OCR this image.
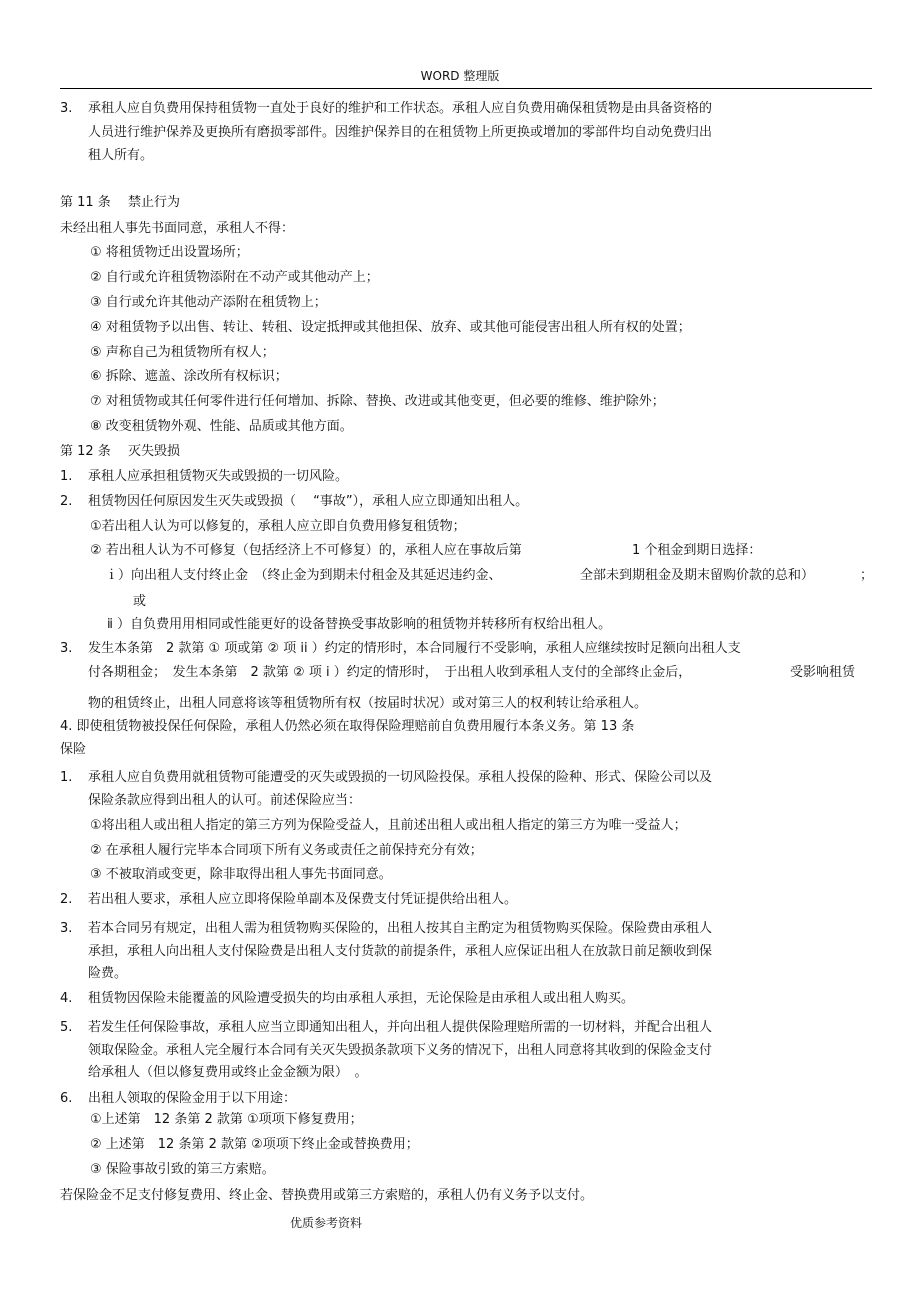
WORD 整理版
3. 承租人应自负费用保持租赁物一直处于良好的维护和工作状态。承租人应自负费用确保租赁物是由具备资格的
人员进行维护保养及更换所有磨损零部件。因维护保养目的在租赁物上所更换或增加的零部件均自动免费归出
租人所有。
第 11 条　 禁止行为
未经出租人事先书面同意，承租人不得：
① 将租赁物迁出设置场所；
② 自行或允许租赁物添附在不动产或其他动产上；
③ 自行或允许其他动产添附在租赁物上；
④ 对租赁物予以出售、转让、转租、设定抵押或其他担保、放弃、或其他可能侵害出租人所有权的处置；
⑤ 声称自己为租赁物所有权人；
⑥ 拆除、遮盖、涂改所有权标识；
⑦ 对租赁物或其任何零件进行任何增加、拆除、替换、改进或其他变更，但必要的维修、维护除外；
⑧ 改变租赁物外观、性能、品质或其他方面。
第 12 条　 灭失毁损
1. 承租人应承担租赁物灭失或毁损的一切风险。
2. 租赁物因任何原因发生灭失或毁损（　 “事故”），承租人应立即通知出租人。
①若出租人认为可以修复的，承租人应立即自负费用修复租赁物；
② 若出租人认为不可修复（包括经济上不可修复）的，承租人应在事故后第	1 个租金到期日选择：
ｉ）向出租人支付终止金　（终止金为到期未付租金及其延迟违约金、	全部未到期租金及期末留购价款的总和）	；
或
ⅱ ）自负费用用相同或性能更好的设备替换受事故影响的租赁物并转移所有权给出租人。
3. 发生本条第　2 款第 ① 项或第 ② 项 ii ）约定的情形时，本合同履行不受影响，承租人应继续按时足额向出租人支
付各期租金；　发生本条第　2 款第 ② 项 i ）约定的情形时，　于出租人收到承租人支付的全部终止金后，	受影响租赁
物的租赁终止，出租人同意将该等租赁物所有权（按届时状况）或对第三人的权利转让给承租人。
4. 即使租赁物被投保任何保险，承租人仍然必须在取得保险理赔前自负费用履行本条义务。第 13 条
保险
1. 承租人应自负费用就租赁物可能遭受的灭失或毁损的一切风险投保。承租人投保的险种、形式、保险公司以及
保险条款应得到出租人的认可。前述保险应当：
①将出租人或出租人指定的第三方列为保险受益人，且前述出租人或出租人指定的第三方为唯一受益人；
② 在承租人履行完毕本合同项下所有义务或责任之前保持充分有效；
③ 不被取消或变更，除非取得出租人事先书面同意。
2. 若出租人要求，承租人应立即将保险单副本及保费支付凭证提供给出租人。
3. 若本合同另有规定，出租人需为租赁物购买保险的，出租人按其自主酌定为租赁物购买保险。保险费由承租人
承担，承租人向出租人支付保险费是出租人支付货款的前提条件，承租人应保证出租人在放款日前足额收到保
险费。
4. 租赁物因保险未能覆盖的风险遭受损失的均由承租人承担，无论保险是由承租人或出租人购买。
5. 若发生任何保险事故，承租人应当立即通知出租人，并向出租人提供保险理赔所需的一切材料，并配合出租人
领取保险金。承租人完全履行本合同有关灭失毁损条款项下义务的情况下，出租人同意将其收到的保险金支付
给承租人（但以修复费用或终止金金额为限）　。
6. 出租人领取的保险金用于以下用途：
①上述第　12 条第 2 款第 ①项项下修复费用；
② 上述第　12 条第 2 款第 ②项项下终止金或替换费用；
③ 保险事故引致的第三方索赔。
若保险金不足支付修复费用、终止金、替换费用或第三方索赔的，承租人仍有义务予以支付。
优质参考资料
